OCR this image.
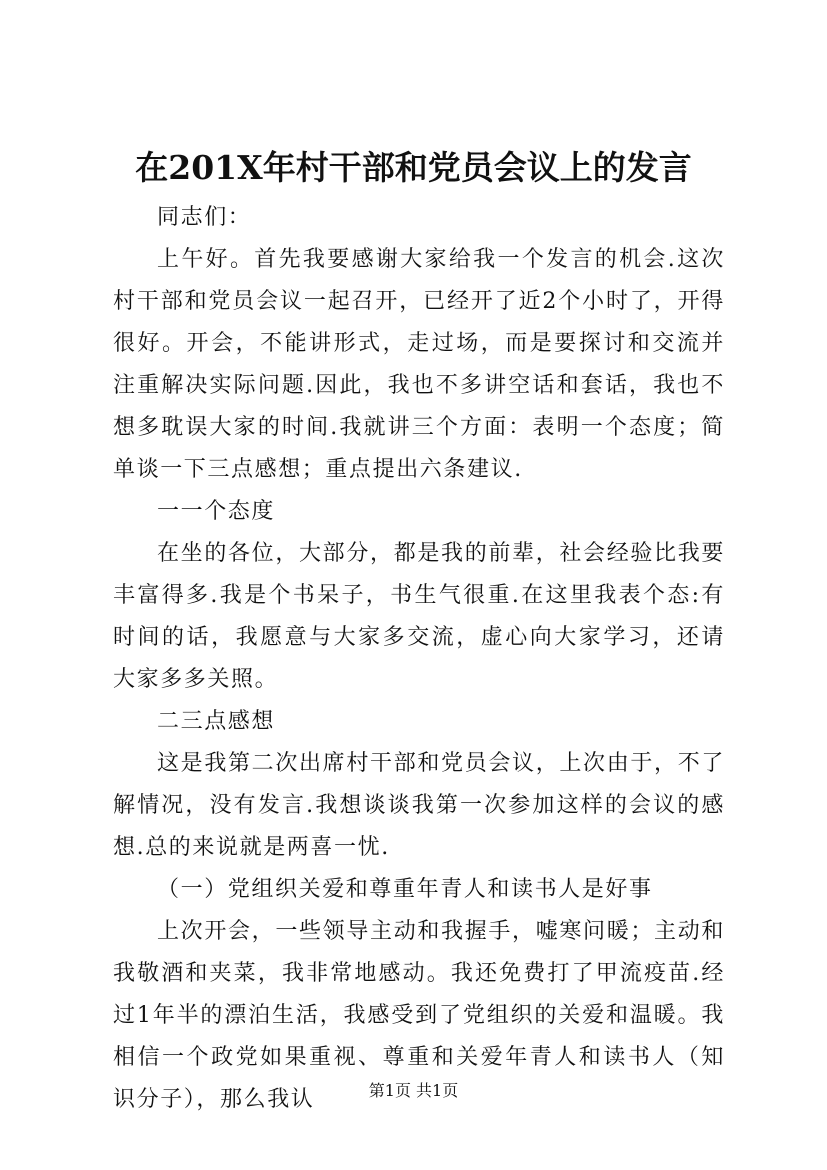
在201X年村干部和党员会议上的发言

同志们：

上午好。首先我要感谢大家给我一个发言的机会.这次村干部和党员会议一起召开，已经开了近2个小时了，开得很好。开会，不能讲形式，走过场，而是要探讨和交流并注重解决实际问题.因此，我也不多讲空话和套话，我也不想多耽误大家的时间.我就讲三个方面：表明一个态度；简单谈一下三点感想；重点提出六条建议.

一一个态度

在坐的各位，大部分，都是我的前辈，社会经验比我要丰富得多.我是个书呆子，书生气很重.在这里我表个态:有时间的话，我愿意与大家多交流，虚心向大家学习，还请大家多多关照。

二三点感想

这是我第二次出席村干部和党员会议，上次由于，不了解情况，没有发言.我想谈谈我第一次参加这样的会议的感想.总的来说就是两喜一忧.

（一）党组织关爱和尊重年青人和读书人是好事

上次开会，一些领导主动和我握手，嘘寒问暖；主动和我敬酒和夹菜，我非常地感动。我还免费打了甲流疫苗.经过1年半的漂泊生活，我感受到了党组织的关爱和温暖。我相信一个政党如果重视、尊重和关爱年青人和读书人（知识分子），那么我认	第1页 共1页
